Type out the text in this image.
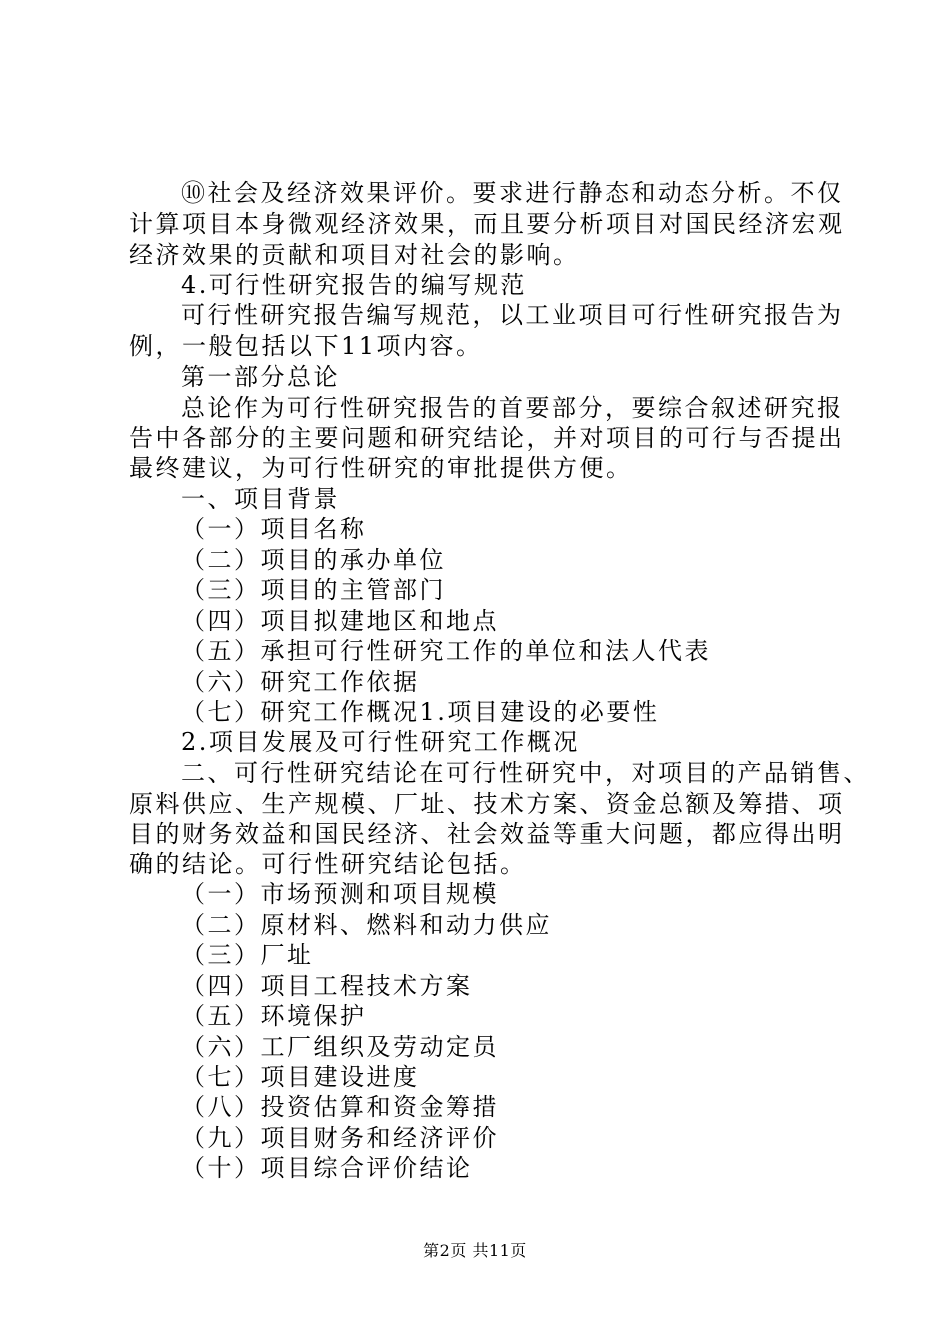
⑩社会及经济效果评价。要求进行静态和动态分析。不仅
计算项目本身微观经济效果，而且要分析项目对国民经济宏观
经济效果的贡献和项目对社会的影响。
4.可行性研究报告的编写规范
可行性研究报告编写规范，以工业项目可行性研究报告为
例，一般包括以下11项内容。
第一部分总论
总论作为可行性研究报告的首要部分，要综合叙述研究报
告中各部分的主要问题和研究结论，并对项目的可行与否提出
最终建议，为可行性研究的审批提供方便。
一、项目背景
（一）项目名称
（二）项目的承办单位
（三）项目的主管部门
（四）项目拟建地区和地点
（五）承担可行性研究工作的单位和法人代表
（六）研究工作依据
（七）研究工作概况1.项目建设的必要性
2.项目发展及可行性研究工作概况
二、可行性研究结论在可行性研究中，对项目的产品销售、
原料供应、生产规模、厂址、技术方案、资金总额及筹措、项
目的财务效益和国民经济、社会效益等重大问题，都应得出明
确的结论。可行性研究结论包括。
（一）市场预测和项目规模
（二）原材料、燃料和动力供应
（三）厂址
（四）项目工程技术方案
（五）环境保护
（六）工厂组织及劳动定员
（七）项目建设进度
（八）投资估算和资金筹措
（九）项目财务和经济评价
（十）项目综合评价结论
第2页 共11页
